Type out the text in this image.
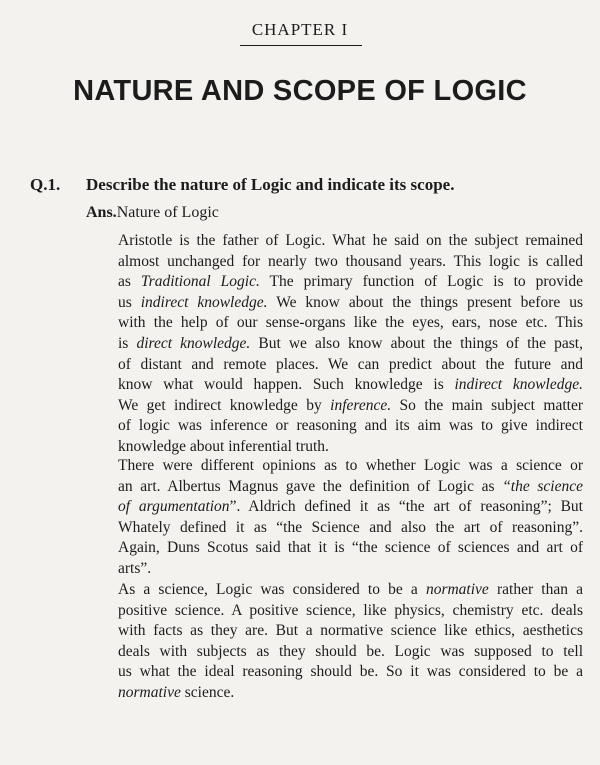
CHAPTER I
NATURE AND SCOPE OF LOGIC
Q.1. Describe the nature of Logic and indicate its scope.
Ans.Nature of Logic
Aristotle is the father of Logic. What he said on the subject remained
almost unchanged for nearly two thousand years. This logic is called
as Traditional Logic. The primary function of Logic is to provide
us indirect knowledge. We know about the things present before us
with the help of our sense-organs like the eyes, ears, nose etc. This
is direct knowledge. But we also know about the things of the past,
of distant and remote places. We can predict about the future and
know what would happen. Such knowledge is indirect knowledge.
We get indirect knowledge by inference. So the main subject matter
of logic was inference or reasoning and its aim was to give indirect
knowledge about inferential truth.
There were different opinions as to whether Logic was a science or
an art. Albertus Magnus gave the definition of Logic as “the science
of argumentation”. Aldrich defined it as “the art of reasoning”; But
Whately defined it as “the Science and also the art of reasoning”.
Again, Duns Scotus said that it is “the science of sciences and art of
arts”.
As a science, Logic was considered to be a normative rather than a
positive science. A positive science, like physics, chemistry etc. deals
with facts as they are. But a normative science like ethics, aesthetics
deals with subjects as they should be. Logic was supposed to tell
us what the ideal reasoning should be. So it was considered to be a
normative science.
